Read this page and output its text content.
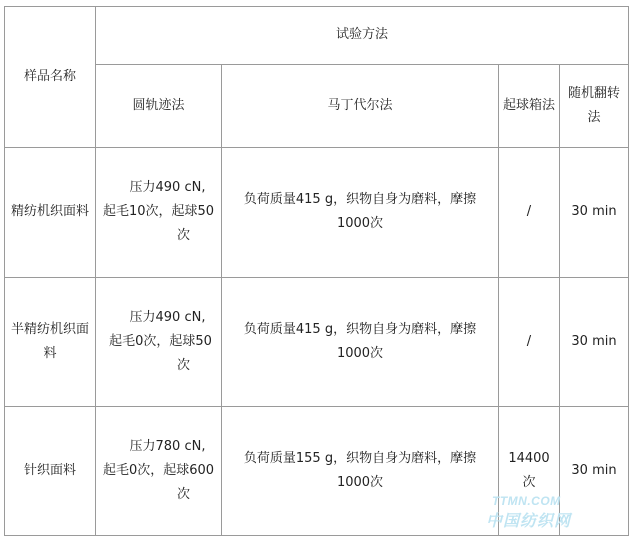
样品名称	试验方法			
	圆轨迹法	马丁代尔法	起球箱法	随机翻转
法

精纺机织面料	压力490 cN,
起毛10次，起球50
次	负荷质量415 g，织物自身为磨料，摩擦
1000次	/	30 min

半精纺机织面
料	压力490 cN,
起毛0次，起球50
次	负荷质量415 g，织物自身为磨料，摩擦
1000次	/	30 min
针织面料	压力780 cN,
起毛0次，起球600
次	负荷质量155 g，织物自身为磨料，摩擦
1000次	14400
次	30 min
TTMN.COM
中国纺织网
